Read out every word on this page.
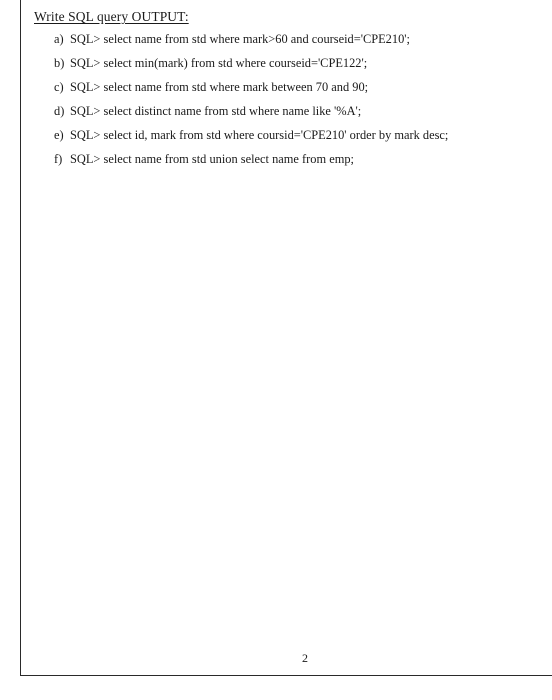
Write SQL query OUTPUT:
a) SQL> select name from std where mark>60 and courseid='CPE210';
b) SQL> select min(mark) from std where courseid='CPE122';
c) SQL> select name from std where mark between 70 and 90;
d) SQL> select distinct name from std where name like '%A';
e) SQL> select id, mark from std where coursid='CPE210' order by mark desc;
f) SQL> select name from std union select name from emp;
2
